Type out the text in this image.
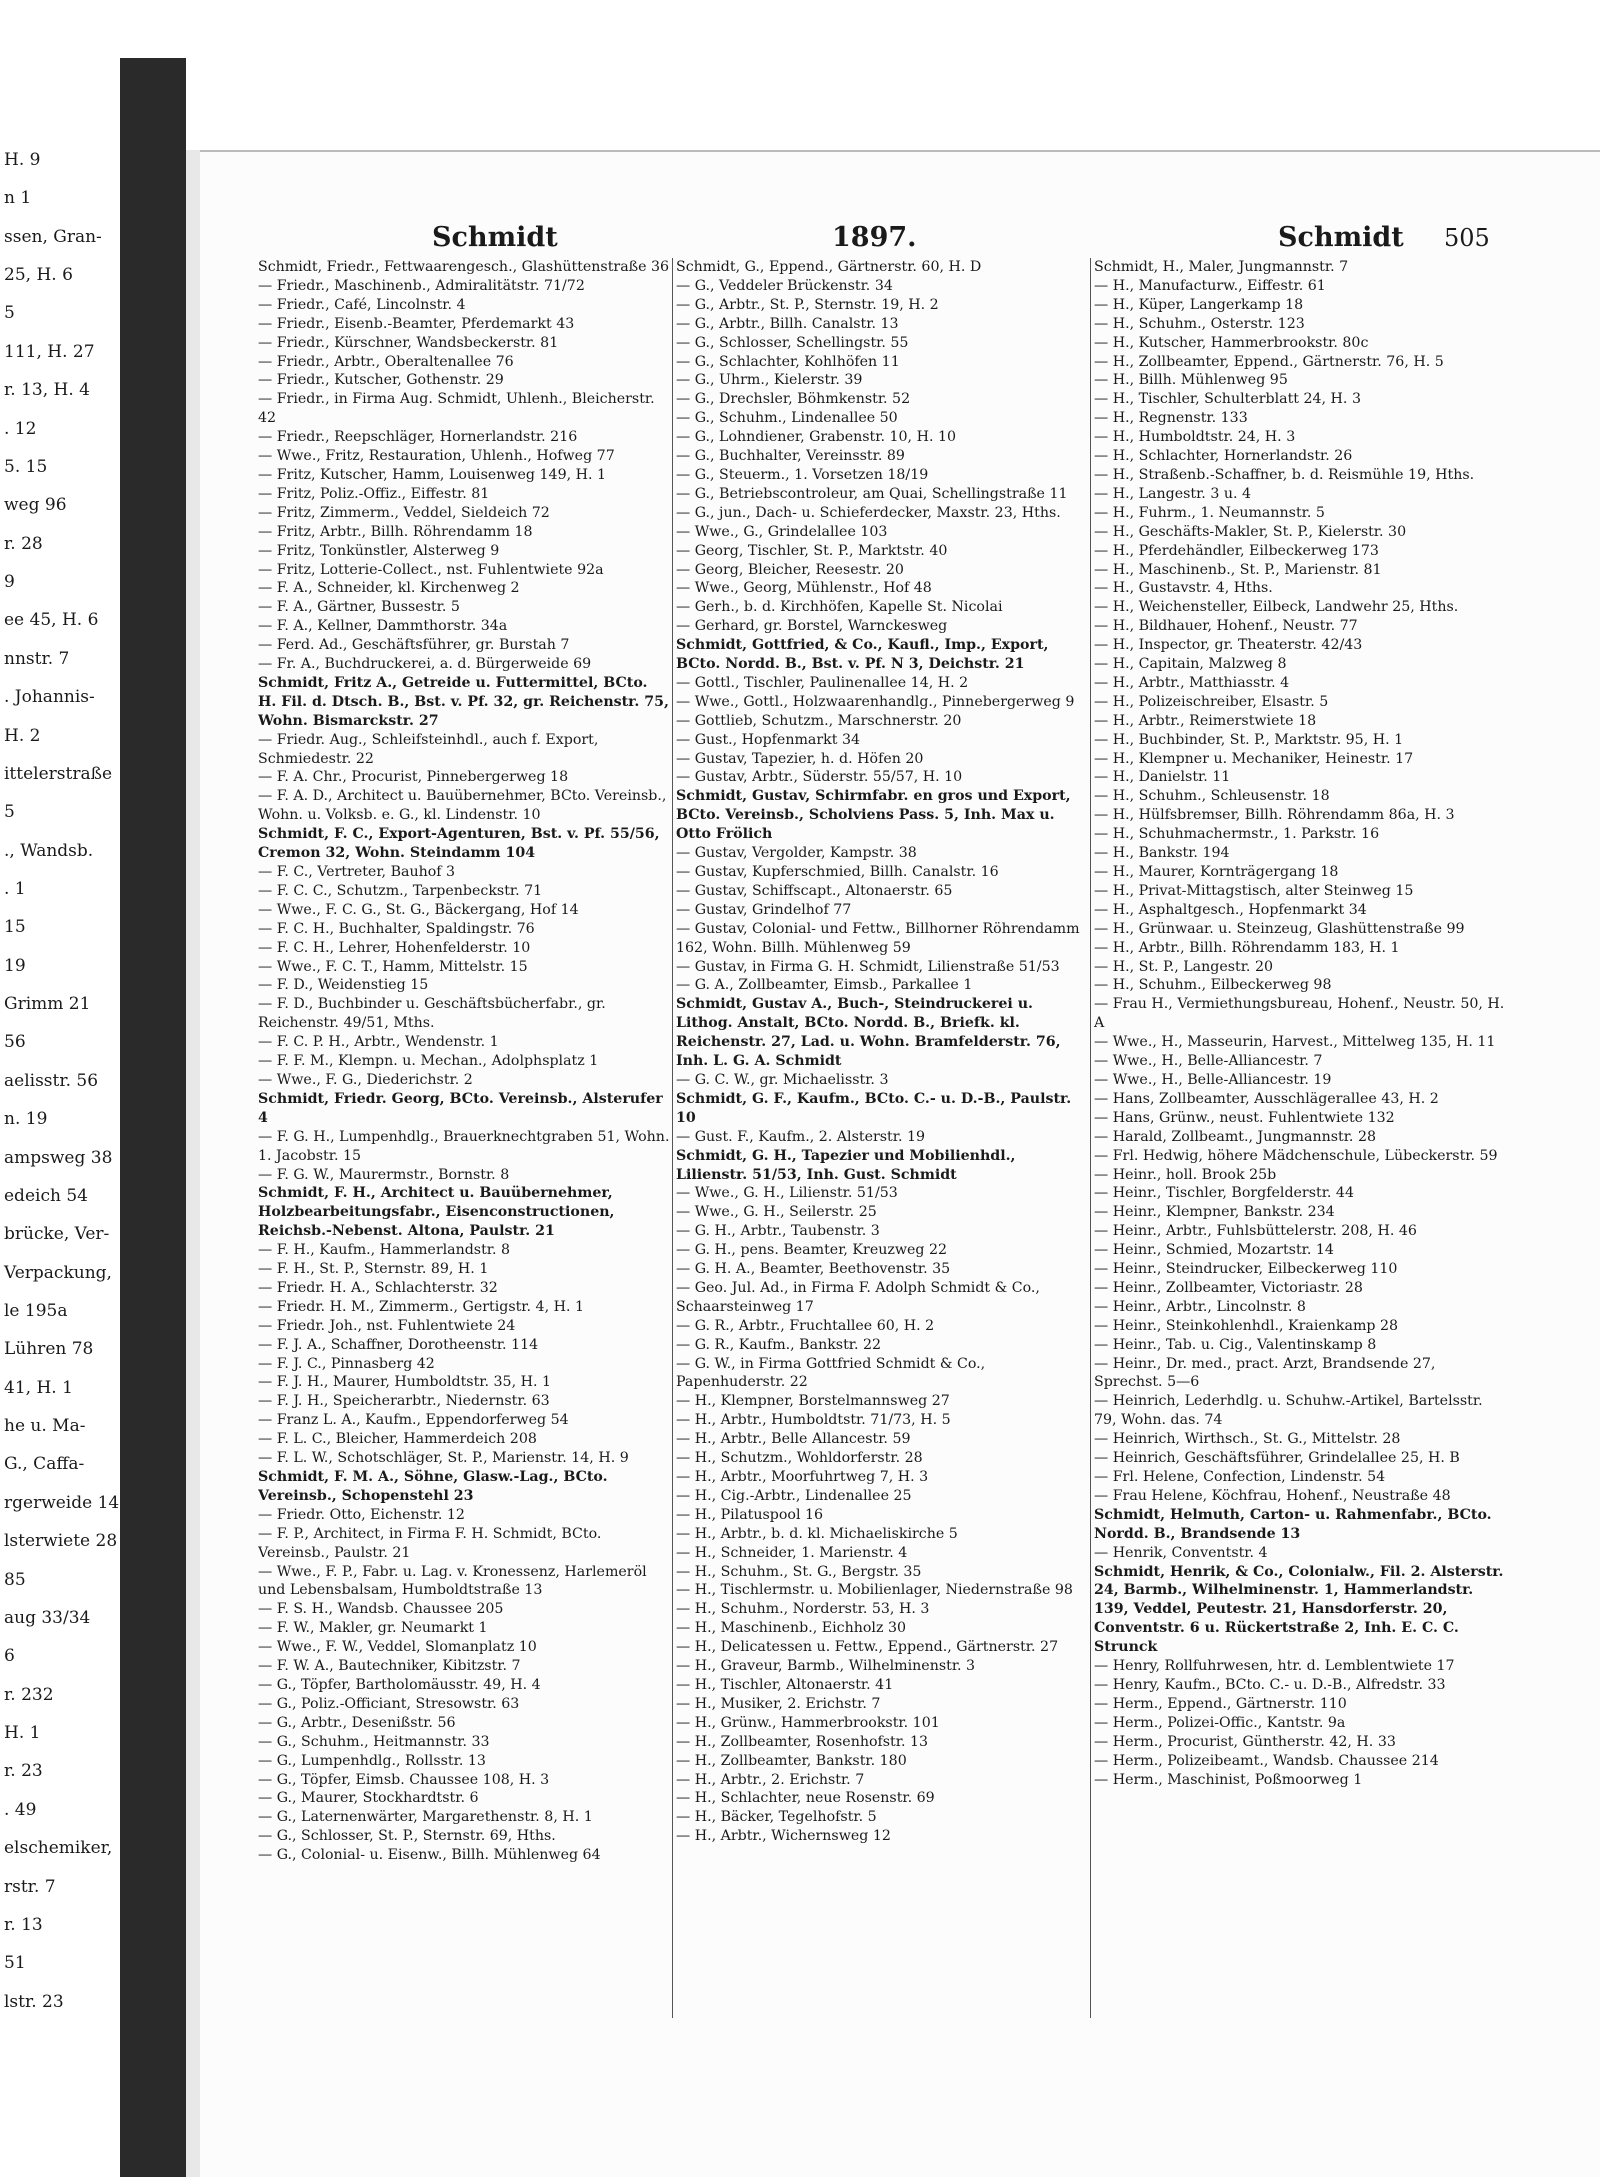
H. 9
n 1
ssen, Gran-
25, H. 6
5
111, H. 27
r. 13, H. 4
. 12
5. 15
weg 96
r. 28
9
ee 45, H. 6
nnstr. 7
. Johannis-
H. 2
ittelerstraße
5
., Wandsb.
. 1
15
19
Grimm 21
56
aelisstr. 56
n. 19
ampsweg 38
edeich 54
brücke, Ver-
Verpackung,
le 195a
Lühren 78
41, H. 1
he u. Ma-
G., Caffa-
rgerweide 14
lsterwiete 28
85
aug 33/34
6
r. 232
H. 1
r. 23
. 49
elschemiker,
rstr. 7
r. 13
51
lstr. 23
Schmidt	1897.	Schmidt 505

Schmidt, Friedr., Fettwaarengesch., Glashüttenstraße 36

— Friedr., Maschinenb., Admiralitätstr. 71/72

— Friedr., Café, Lincolnstr. 4

— Friedr., Eisenb.-Beamter, Pferdemarkt 43

— Friedr., Kürschner, Wandsbeckerstr. 81

— Friedr., Arbtr., Oberaltenallee 76

— Friedr., Kutscher, Gothenstr. 29

— Friedr., in Firma Aug. Schmidt, Uhlenh., Bleicherstr. 42

— Friedr., Reepschläger, Hornerlandstr. 216

— Wwe., Fritz, Restauration, Uhlenh., Hofweg 77

— Fritz, Kutscher, Hamm, Louisenweg 149, H. 1

— Fritz, Poliz.-Offiz., Eiffestr. 81

— Fritz, Zimmerm., Veddel, Sieldeich 72

— Fritz, Arbtr., Billh. Röhrendamm 18

— Fritz, Tonkünstler, Alsterweg 9

— Fritz, Lotterie-Collect., nst. Fuhlentwiete 92a

— F. A., Schneider, kl. Kirchenweg 2

— F. A., Gärtner, Bussestr. 5

— F. A., Kellner, Dammthorstr. 34a

— Ferd. Ad., Geschäftsführer, gr. Burstah 7

— Fr. A., Buchdruckerei, a. d. Bürgerweide 69

Schmidt, Fritz A., Getreide u. Futtermittel, BCto. H. Fil. d. Dtsch. B., Bst. v. Pf. 32, gr. Reichenstr. 75, Wohn. Bismarckstr. 27

— Friedr. Aug., Schleifsteinhdl., auch f. Export, Schmiedestr. 22

— F. A. Chr., Procurist, Pinnebergerweg 18

— F. A. D., Architect u. Bauübernehmer, BCto. Vereinsb., Wohn. u. Volksb. e. G., kl. Lindenstr. 10

Schmidt, F. C., Export-Agenturen, Bst. v. Pf. 55/56, Cremon 32, Wohn. Steindamm 104

— F. C., Vertreter, Bauhof 3

— F. C. C., Schutzm., Tarpenbeckstr. 71

— Wwe., F. C. G., St. G., Bäckergang, Hof 14

— F. C. H., Buchhalter, Spaldingstr. 76

— F. C. H., Lehrer, Hohenfelderstr. 10

— Wwe., F. C. T., Hamm, Mittelstr. 15

— F. D., Weidenstieg 15

— F. D., Buchbinder u. Geschäftsbücherfabr., gr. Reichenstr. 49/51, Mths.

— F. C. P. H., Arbtr., Wendenstr. 1

— F. F. M., Klempn. u. Mechan., Adolphsplatz 1

— Wwe., F. G., Diederichstr. 2

Schmidt, Friedr. Georg, BCto. Vereinsb., Alsterufer 4

— F. G. H., Lumpenhdlg., Brauerknechtgraben 51, Wohn. 1. Jacobstr. 15

— F. G. W., Maurermstr., Bornstr. 8

Schmidt, F. H., Architect u. Bauübernehmer, Holzbearbeitungsfabr., Eisenconstructionen, Reichsb.-Nebenst. Altona, Paulstr. 21

— F. H., Kaufm., Hammerlandstr. 8

— F. H., St. P., Sternstr. 89, H. 1

— Friedr. H. A., Schlachterstr. 32

— Friedr. H. M., Zimmerm., Gertigstr. 4, H. 1

— Friedr. Joh., nst. Fuhlentwiete 24

— F. J. A., Schaffner, Dorotheenstr. 114

— F. J. C., Pinnasberg 42

— F. J. H., Maurer, Humboldtstr. 35, H. 1

— F. J. H., Speicherarbtr., Niedernstr. 63

— Franz L. A., Kaufm., Eppendorferweg 54

— F. L. C., Bleicher, Hammerdeich 208

— F. L. W., Schotschläger, St. P., Marienstr. 14, H. 9

Schmidt, F. M. A., Söhne, Glasw.-Lag., BCto. Vereinsb., Schopenstehl 23

— Friedr. Otto, Eichenstr. 12

— F. P., Architect, in Firma F. H. Schmidt, BCto. Vereinsb., Paulstr. 21

— Wwe., F. P., Fabr. u. Lag. v. Kronessenz, Harlemeröl und Lebensbalsam, Humboldtstraße 13

— F. S. H., Wandsb. Chaussee 205

— F. W., Makler, gr. Neumarkt 1

— Wwe., F. W., Veddel, Slomanplatz 10

— F. W. A., Bautechniker, Kibitzstr. 7

— G., Töpfer, Bartholomäusstr. 49, H. 4

— G., Poliz.-Officiant, Stresowstr. 63

— G., Arbtr., Desenißstr. 56

— G., Schuhm., Heitmannstr. 33

— G., Lumpenhdlg., Rollsstr. 13

— G., Töpfer, Eimsb. Chaussee 108, H. 3

— G., Maurer, Stockhardtstr. 6

— G., Laternenwärter, Margarethenstr. 8, H. 1

— G., Schlosser, St. P., Sternstr. 69, Hths.

— G., Colonial- u. Eisenw., Billh. Mühlenweg 64

Schmidt, G., Eppend., Gärtnerstr. 60, H. D

— G., Veddeler Brückenstr. 34

— G., Arbtr., St. P., Sternstr. 19, H. 2

— G., Arbtr., Billh. Canalstr. 13

— G., Schlosser, Schellingstr. 55

— G., Schlachter, Kohlhöfen 11

— G., Uhrm., Kielerstr. 39

— G., Drechsler, Böhmkenstr. 52

— G., Schuhm., Lindenallee 50

— G., Lohndiener, Grabenstr. 10, H. 10

— G., Buchhalter, Vereinsstr. 89

— G., Steuerm., 1. Vorsetzen 18/19

— G., Betriebscontroleur, am Quai, Schellingstraße 11

— G., jun., Dach- u. Schieferdecker, Maxstr. 23, Hths.

— Wwe., G., Grindelallee 103

— Georg, Tischler, St. P., Marktstr. 40

— Georg, Bleicher, Reesestr. 20

— Wwe., Georg, Mühlenstr., Hof 48

— Gerh., b. d. Kirchhöfen, Kapelle St. Nicolai

— Gerhard, gr. Borstel, Warnckesweg

Schmidt, Gottfried, & Co., Kaufl., Imp., Export, BCto. Nordd. B., Bst. v. Pf. N 3, Deichstr. 21

— Gottl., Tischler, Paulinenallee 14, H. 2

— Wwe., Gottl., Holzwaarenhandlg., Pinnebergerweg 9

— Gottlieb, Schutzm., Marschnerstr. 20

— Gust., Hopfenmarkt 34

— Gustav, Tapezier, h. d. Höfen 20

— Gustav, Arbtr., Süderstr. 55/57, H. 10

Schmidt, Gustav, Schirmfabr. en gros und Export, BCto. Vereinsb., Scholviens Pass. 5, Inh. Max u. Otto Frölich

— Gustav, Vergolder, Kampstr. 38

— Gustav, Kupferschmied, Billh. Canalstr. 16

— Gustav, Schiffscapt., Altonaerstr. 65

— Gustav, Grindelhof 77

— Gustav, Colonial- und Fettw., Billhorner Röhrendamm 162, Wohn. Billh. Mühlenweg 59

— Gustav, in Firma G. H. Schmidt, Lilienstraße 51/53

— G. A., Zollbeamter, Eimsb., Parkallee 1

Schmidt, Gustav A., Buch-, Steindruckerei u. Lithog. Anstalt, BCto. Nordd. B., Briefk. kl. Reichenstr. 27, Lad. u. Wohn. Bramfelderstr. 76, Inh. L. G. A. Schmidt

— G. C. W., gr. Michaelisstr. 3

Schmidt, G. F., Kaufm., BCto. C.- u. D.-B., Paulstr. 10

— Gust. F., Kaufm., 2. Alsterstr. 19

Schmidt, G. H., Tapezier und Mobilienhdl., Lilienstr. 51/53, Inh. Gust. Schmidt

— Wwe., G. H., Lilienstr. 51/53

— Wwe., G. H., Seilerstr. 25

— G. H., Arbtr., Taubenstr. 3

— G. H., pens. Beamter, Kreuzweg 22

— G. H. A., Beamter, Beethovenstr. 35

— Geo. Jul. Ad., in Firma F. Adolph Schmidt & Co., Schaarsteinweg 17

— G. R., Arbtr., Fruchtallee 60, H. 2

— G. R., Kaufm., Bankstr. 22

— G. W., in Firma Gottfried Schmidt & Co., Papenhuderstr. 22

— H., Klempner, Borstelmannsweg 27

— H., Arbtr., Humboldtstr. 71/73, H. 5

— H., Arbtr., Belle Allancestr. 59

— H., Schutzm., Wohldorferstr. 28

— H., Arbtr., Moorfuhrtweg 7, H. 3

— H., Cig.-Arbtr., Lindenallee 25

— H., Pilatuspool 16

— H., Arbtr., b. d. kl. Michaeliskirche 5

— H., Schneider, 1. Marienstr. 4

— H., Schuhm., St. G., Bergstr. 35

— H., Tischlermstr. u. Mobilienlager, Niedernstraße 98

— H., Schuhm., Norderstr. 53, H. 3

— H., Maschinenb., Eichholz 30

— H., Delicatessen u. Fettw., Eppend., Gärtnerstr. 27

— H., Graveur, Barmb., Wilhelminenstr. 3

— H., Tischler, Altonaerstr. 41

— H., Musiker, 2. Erichstr. 7

— H., Grünw., Hammerbrookstr. 101

— H., Zollbeamter, Rosenhofstr. 13

— H., Zollbeamter, Bankstr. 180

— H., Arbtr., 2. Erichstr. 7

— H., Schlachter, neue Rosenstr. 69

— H., Bäcker, Tegelhofstr. 5

— H., Arbtr., Wichernsweg 12

Schmidt, H., Maler, Jungmannstr. 7

— H., Manufacturw., Eiffestr. 61

— H., Küper, Langerkamp 18

— H., Schuhm., Osterstr. 123

— H., Kutscher, Hammerbrookstr. 80c

— H., Zollbeamter, Eppend., Gärtnerstr. 76, H. 5

— H., Billh. Mühlenweg 95

— H., Tischler, Schulterblatt 24, H. 3

— H., Regnenstr. 133

— H., Humboldtstr. 24, H. 3

— H., Schlachter, Hornerlandstr. 26

— H., Straßenb.-Schaffner, b. d. Reismühle 19, Hths.

— H., Langestr. 3 u. 4

— H., Fuhrm., 1. Neumannstr. 5

— H., Geschäfts-Makler, St. P., Kielerstr. 30

— H., Pferdehändler, Eilbeckerweg 173

— H., Maschinenb., St. P., Marienstr. 81

— H., Gustavstr. 4, Hths.

— H., Weichensteller, Eilbeck, Landwehr 25, Hths.

— H., Bildhauer, Hohenf., Neustr. 77

— H., Inspector, gr. Theaterstr. 42/43

— H., Capitain, Malzweg 8

— H., Arbtr., Matthiasstr. 4

— H., Polizeischreiber, Elsastr. 5

— H., Arbtr., Reimerstwiete 18

— H., Buchbinder, St. P., Marktstr. 95, H. 1

— H., Klempner u. Mechaniker, Heinestr. 17

— H., Danielstr. 11

— H., Schuhm., Schleusenstr. 18

— H., Hülfsbremser, Billh. Röhrendamm 86a, H. 3

— H., Schuhmachermstr., 1. Parkstr. 16

— H., Bankstr. 194

— H., Maurer, Kornträgergang 18

— H., Privat-Mittagstisch, alter Steinweg 15

— H., Asphaltgesch., Hopfenmarkt 34

— H., Grünwaar. u. Steinzeug, Glashüttenstraße 99

— H., Arbtr., Billh. Röhrendamm 183, H. 1

— H., St. P., Langestr. 20

— H., Schuhm., Eilbeckerweg 98

— Frau H., Vermiethungsbureau, Hohenf., Neustr. 50, H. A

— Wwe., H., Masseurin, Harvest., Mittelweg 135, H. 11

— Wwe., H., Belle-Alliancestr. 7

— Wwe., H., Belle-Alliancestr. 19

— Hans, Zollbeamter, Ausschlägerallee 43, H. 2

— Hans, Grünw., neust. Fuhlentwiete 132

— Harald, Zollbeamt., Jungmannstr. 28

— Frl. Hedwig, höhere Mädchenschule, Lübeckerstr. 59

— Heinr., holl. Brook 25b

— Heinr., Tischler, Borgfelderstr. 44

— Heinr., Klempner, Bankstr. 234

— Heinr., Arbtr., Fuhlsbüttelerstr. 208, H. 46

— Heinr., Schmied, Mozartstr. 14

— Heinr., Steindrucker, Eilbeckerweg 110

— Heinr., Zollbeamter, Victoriastr. 28

— Heinr., Arbtr., Lincolnstr. 8

— Heinr., Steinkohlenhdl., Kraienkamp 28

— Heinr., Tab. u. Cig., Valentinskamp 8

— Heinr., Dr. med., pract. Arzt, Brandsende 27, Sprechst. 5—6

— Heinrich, Lederhdlg. u. Schuhw.-Artikel, Bartelsstr. 79, Wohn. das. 74

— Heinrich, Wirthsch., St. G., Mittelstr. 28

— Heinrich, Geschäftsführer, Grindelallee 25, H. B

— Frl. Helene, Confection, Lindenstr. 54

— Frau Helene, Köchfrau, Hohenf., Neustraße 48

Schmidt, Helmuth, Carton- u. Rahmenfabr., BCto. Nordd. B., Brandsende 13

— Henrik, Conventstr. 4

Schmidt, Henrik, & Co., Colonialw., Fil. 2. Alsterstr. 24, Barmb., Wilhelminenstr. 1, Hammerlandstr. 139, Veddel, Peutestr. 21, Hansdorferstr. 20, Conventstr. 6 u. Rückertstraße 2, Inh. E. C. C. Strunck

— Henry, Rollfuhrwesen, htr. d. Lemblentwiete 17

— Henry, Kaufm., BCto. C.- u. D.-B., Alfredstr. 33

— Herm., Eppend., Gärtnerstr. 110

— Herm., Polizei-Offic., Kantstr. 9a

— Herm., Procurist, Güntherstr. 42, H. 33

— Herm., Polizeibeamt., Wandsb. Chaussee 214

— Herm., Maschinist, Poßmoorweg 1
